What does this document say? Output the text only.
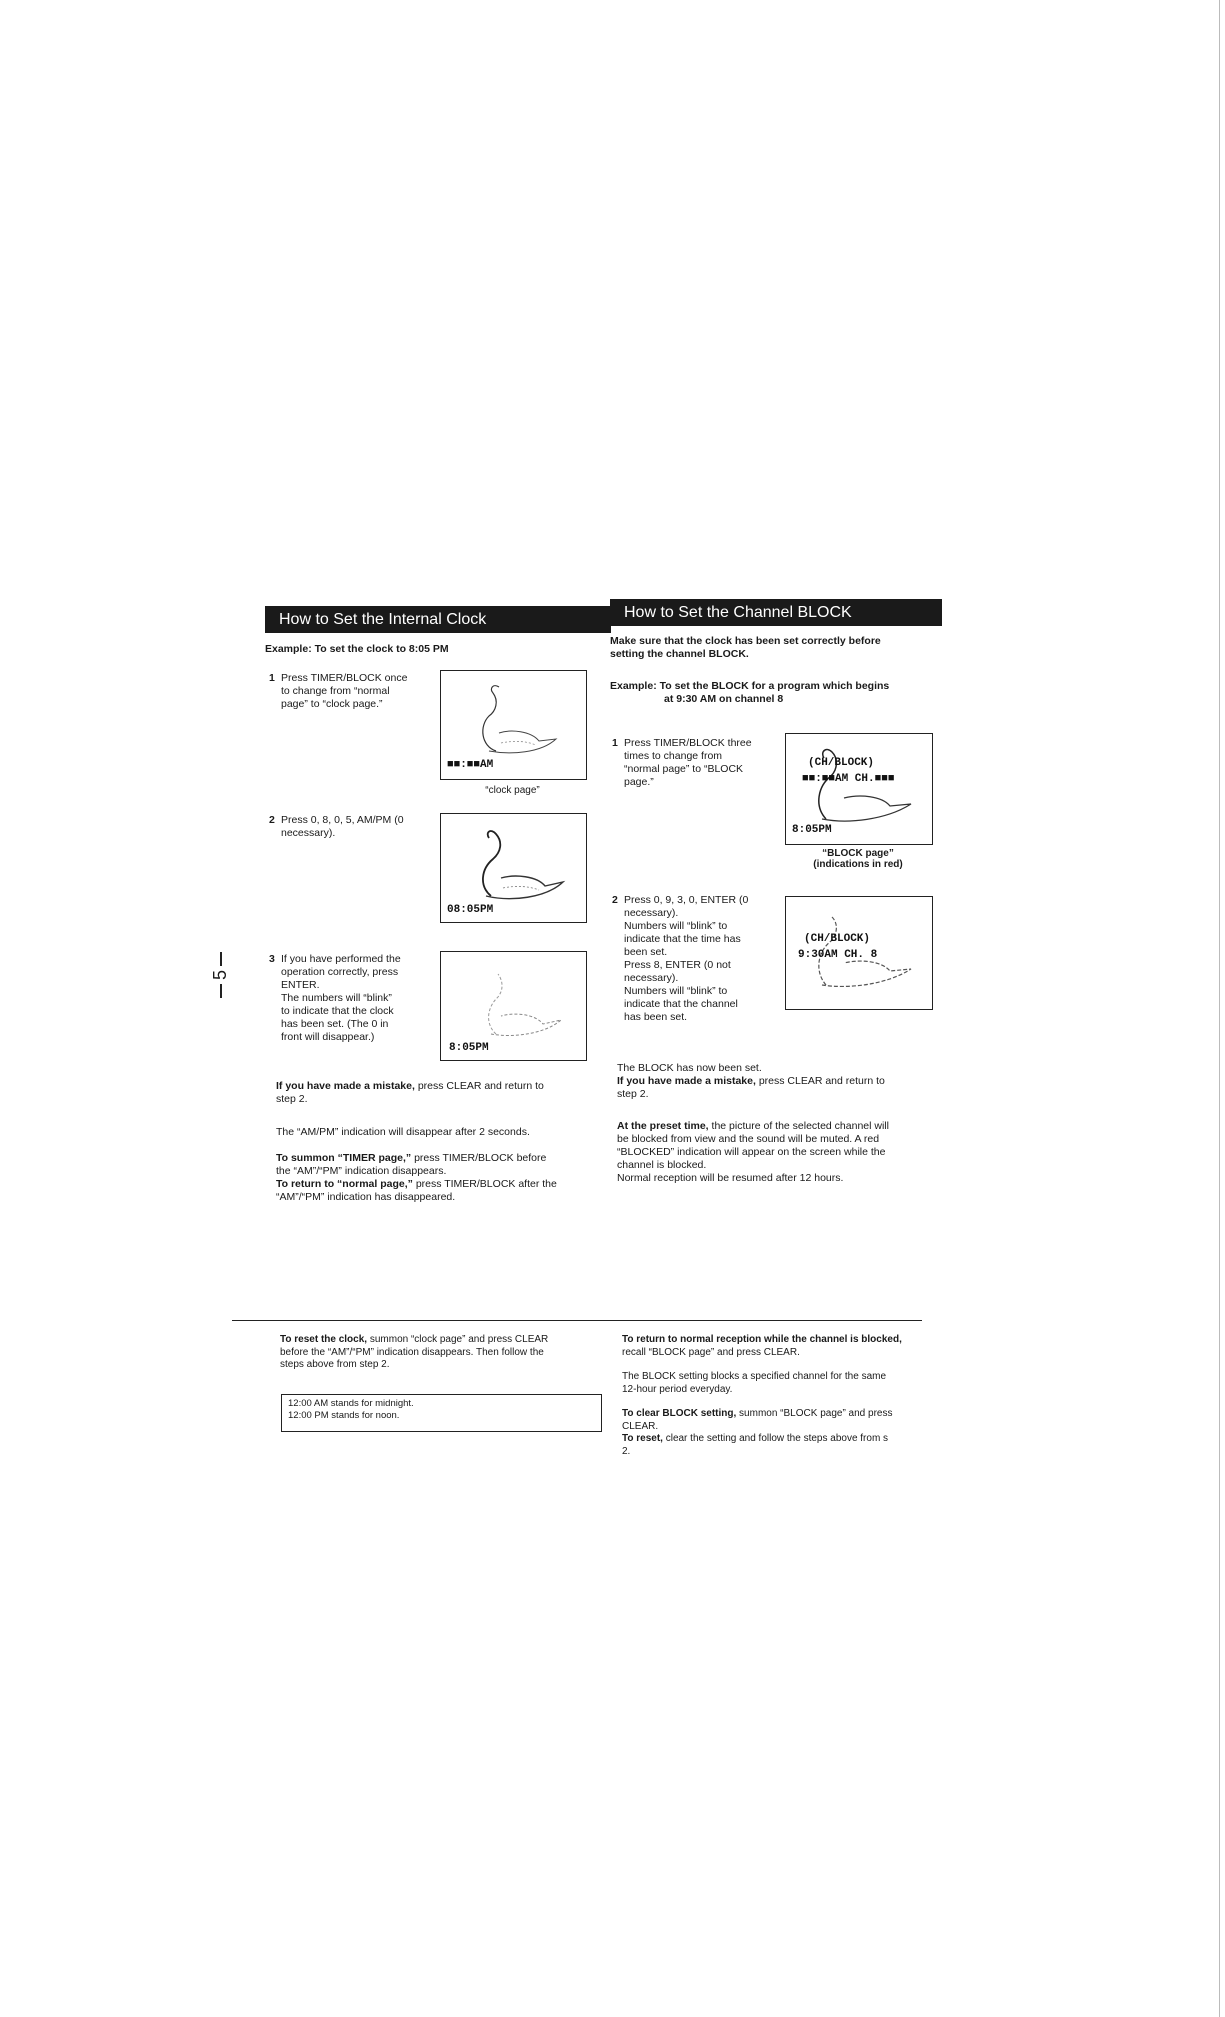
5
How to Set the Internal Clock
Example: To set the clock to 8:05 PM
1 Press TIMER/BLOCK once
to change from “normal
page” to “clock page.”
■■:■■AM
“clock page”
2 Press 0, 8, 0, 5, AM/PM (0
necessary).
08:05PM
3 If you have performed the
operation correctly, press
ENTER.
The numbers will “blink”
to indicate that the clock
has been set. (The 0 in
front will disappear.)
8:05PM
If you have made a mistake, press CLEAR and return to
step 2.
The “AM/PM” indication will disappear after 2 seconds.
To summon “TIMER page,” press TIMER/BLOCK before
the “AM”/“PM” indication disappears.
To return to “normal page,” press TIMER/BLOCK after the
“AM”/“PM” indication has disappeared.
How to Set the Channel BLOCK
Make sure that the clock has been set correctly before
setting the channel BLOCK.
Example: To set the BLOCK for a program which begins
at 9:30 AM on channel 8
1 Press TIMER/BLOCK three
times to change from
“normal page” to “BLOCK
page.”
(CH/BLOCK)
■■:■■AM CH.■■■
8:05PM
“BLOCK page”
(indications in red)
2 Press 0, 9, 3, 0, ENTER (0
necessary).
Numbers will “blink” to
indicate that the time has
been set.
Press 8, ENTER (0 not
necessary).
Numbers will “blink” to
indicate that the channel
has been set.
(CH/BLOCK)
9:30AM CH. 8
The BLOCK has now been set.
If you have made a mistake, press CLEAR and return to
step 2.
At the preset time, the picture of the selected channel will
be blocked from view and the sound will be muted. A red
“BLOCKED” indication will appear on the screen while the
channel is blocked.
Normal reception will be resumed after 12 hours.
To reset the clock, summon “clock page” and press CLEAR
before the “AM”/“PM” indication disappears. Then follow the
steps above from step 2.
12:00 AM stands for midnight.
12:00 PM stands for noon.
To return to normal reception while the channel is blocked,
recall “BLOCK page” and press CLEAR.
The BLOCK setting blocks a specified channel for the same
12-hour period everyday.
To clear BLOCK setting, summon “BLOCK page” and press
CLEAR.
To reset, clear the setting and follow the steps above from s
2.
